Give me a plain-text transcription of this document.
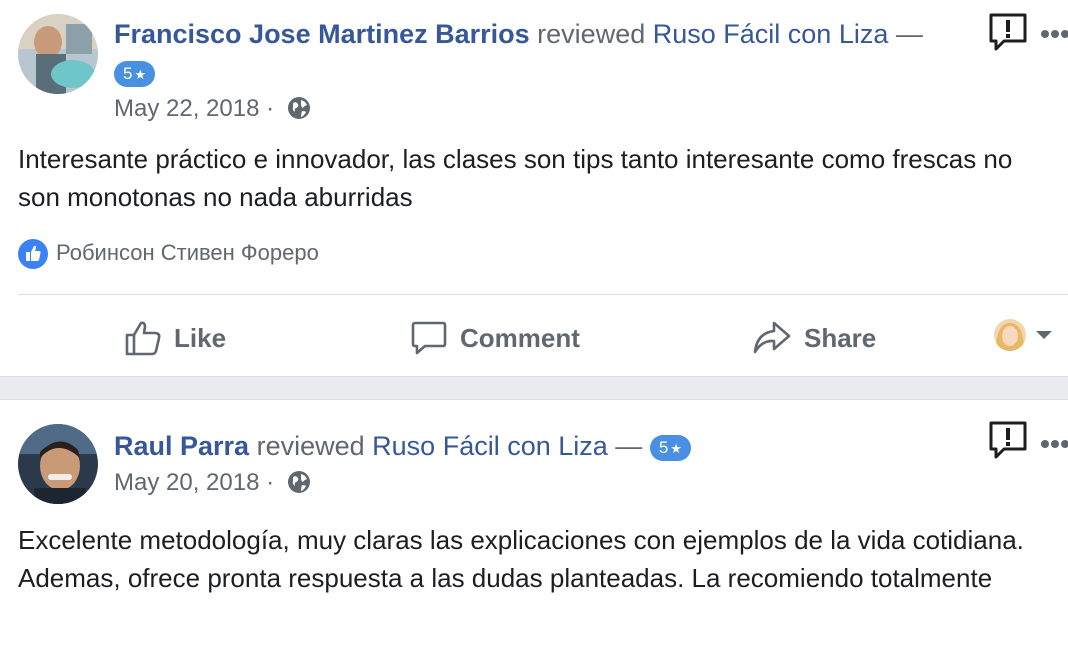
Francisco Jose Martinez Barrios reviewed Ruso Fácil con Liza —
5 ★
May 22, 2018 ·
Interesante práctico e innovador, las clases son tips tanto interesante como frescas no son monotonas no nada aburridas
Робинсон Стивен Фореро
Like	Comment	Share
Raul Parra reviewed Ruso Fácil con Liza — 5 ★
May 20, 2018 ·
Excelente metodología, muy claras las explicaciones con ejemplos de la vida cotidiana. Ademas, ofrece pronta respuesta a las dudas planteadas. La recomiendo totalmente
